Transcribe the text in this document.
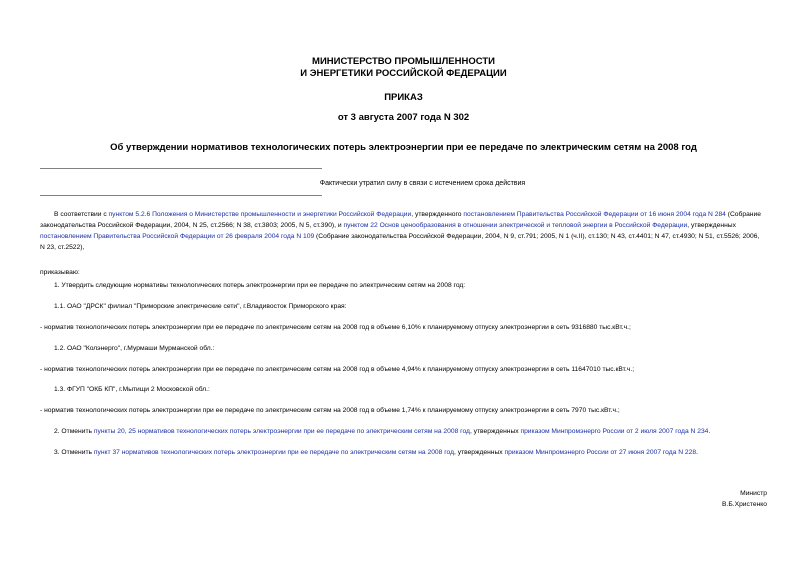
МИНИСТЕРСТВО ПРОМЫШЛЕННОСТИ
И ЭНЕРГЕТИКИ РОССИЙСКОЙ ФЕДЕРАЦИИ
ПРИКАЗ
от 3 августа 2007 года N 302
Об утверждении нормативов технологических потерь электроэнергии при ее передаче по электрическим сетям на 2008 год
Фактически утратил силу в связи с истечением срока действия
В соответствии с пунктом 5.2.6 Положения о Министерстве промышленности и энергетики Российской Федерации, утвержденного постановлением Правительства Российской Федерации от 16 июня 2004 года N 284 (Собрание законодательства Российской Федерации, 2004, N 25, ст.2566; N 38, ст.3803; 2005, N 5, ст.390), и пунктом 22 Основ ценообразования в отношении электрической и тепловой энергии в Российской Федерации, утвержденных постановлением Правительства Российской Федерации от 26 февраля 2004 года N 109 (Собрание законодательства Российской Федерации, 2004, N 9, ст.791; 2005, N 1 (ч.II), ст.130; N 43, ст.4401; N 47, ст.4930; N 51, ст.5526; 2006, N 23, ст.2522),
приказываю:
1. Утвердить следующие нормативы технологических потерь электроэнергии при ее передаче по электрическим сетям на 2008 год:
1.1. ОАО "ДРСК" филиал "Приморские электрические сети", г.Владивосток Приморского края:
- норматив технологических потерь электроэнергии при ее передаче по электрическим сетям на 2008 год в объеме 6,10% к планируемому отпуску электроэнергии в сеть 9316880 тыс.кВт.ч.;
1.2. ОАО "Колэнерго", г.Мурмаши Мурманской обл.:
- норматив технологических потерь электроэнергии при ее передаче по электрическим сетям на 2008 год в объеме 4,94% к планируемому отпуску электроэнергии в сеть 11647010 тыс.кВт.ч.;
1.3. ФГУП "ОКБ КП", г.Мытищи 2 Московской обл.:
- норматив технологических потерь электроэнергии при ее передаче по электрическим сетям на 2008 год в объеме 1,74% к планируемому отпуску электроэнергии в сеть 7970 тыс.кВт.ч.;
2. Отменить пункты 20, 25 нормативов технологических потерь электроэнергии при ее передаче по электрическим сетям на 2008 год, утвержденных приказом Минпромэнерго России от 2 июля 2007 года N 234.
3. Отменить пункт 37 нормативов технологических потерь электроэнергии при ее передаче по электрическим сетям на 2008 год, утвержденных приказом Минпромэнерго России от 27 июня 2007 года N 228.
Министр
В.Б.Христенко
